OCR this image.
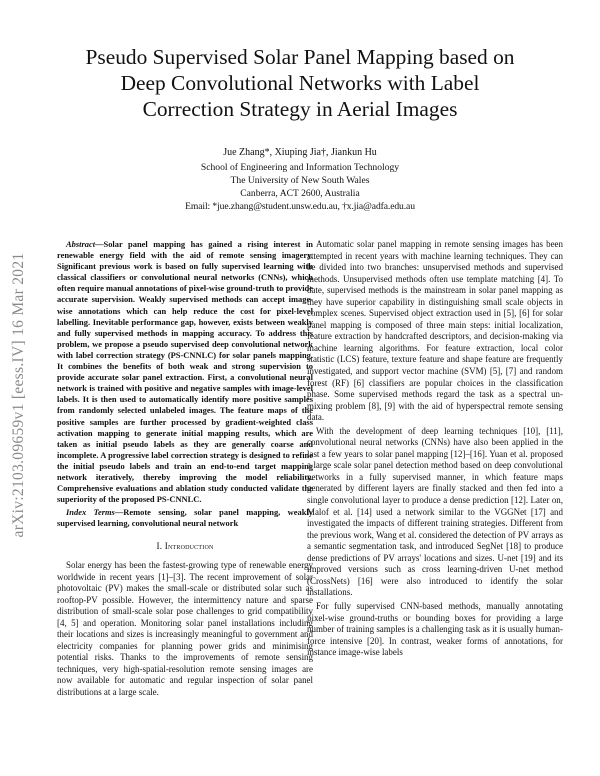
arXiv:2103.09659v1 [eess.IV] 16 Mar 2021
Pseudo Supervised Solar Panel Mapping based on
Deep Convolutional Networks with Label
Correction Strategy in Aerial Images
Jue Zhang*, Xiuping Jia†, Jiankun Hu
School of Engineering and Information Technology
The University of New South Wales
Canberra, ACT 2600, Australia
Email: *jue.zhang@student.unsw.edu.au, †x.jia@adfa.edu.au

Abstract—Solar panel mapping has gained a rising interest in renewable energy field with the aid of remote sensing imagery. Significant previous work is based on fully supervised learning with classical classifiers or convolutional neural networks (CNNs), which often require manual annotations of pixel-wise ground-truth to provide accurate supervision. Weakly supervised methods can accept image-wise annotations which can help reduce the cost for pixel-level labelling. Inevitable performance gap, however, exists between weakly and fully supervised methods in mapping accuracy. To address this problem, we propose a pseudo supervised deep convolutional network with label correction strategy (PS-CNNLC) for solar panels mapping. It combines the benefits of both weak and strong supervision to provide accurate solar panel extraction. First, a convolutional neural network is trained with positive and negative samples with image-level labels. It is then used to automatically identify more positive samples from randomly selected unlabeled images. The feature maps of the positive samples are further processed by gradient-weighted class activation mapping to generate initial mapping results, which are taken as initial pseudo labels as they are generally coarse and incomplete. A progressive label correction strategy is designed to refine the initial pseudo labels and train an end-to-end target mapping network iteratively, thereby improving the model reliability. Comprehensive evaluations and ablation study conducted validate the superiority of the proposed PS-CNNLC.

Index Terms—Remote sensing, solar panel mapping, weakly supervised learning, convolutional neural network

I. Introduction

Solar energy has been the fastest-growing type of renewable energy worldwide in recent years [1]–[3]. The recent improvement of solar photovoltaic (PV) makes the small-scale or distributed solar such as rooftop-PV possible. However, the intermittency nature and sparse distribution of small-scale solar pose challenges to grid compatibility [4, 5] and operation. Monitoring solar panel installations including their locations and sizes is increasingly meaningful to government and electricity companies for planning power grids and minimising potential risks. Thanks to the improvements of remote sensing techniques, very high-spatial-resolution remote sensing images are now available for automatic and regular inspection of solar panel distributions at a large scale.

Automatic solar panel mapping in remote sensing images has been attempted in recent years with machine learning techniques. They can be divided into two branches: unsupervised methods and supervised methods. Unsupervised methods often use template matching [4]. To date, supervised methods is the mainstream in solar panel mapping as they have superior capability in distinguishing small scale objects in complex scenes. Supervised object extraction used in [5], [6] for solar panel mapping is composed of three main steps: initial localization, feature extraction by handcrafted descriptors, and decision-making via machine learning algorithms. For feature extraction, local color statistic (LCS) feature, texture feature and shape feature are frequently investigated, and support vector machine (SVM) [5], [7] and random forest (RF) [6] classifiers are popular choices in the classification phase. Some supervised methods regard the task as a spectral un-mixing problem [8], [9] with the aid of hyperspectral remote sensing data.

With the development of deep learning techniques [10], [11], convolutional neural networks (CNNs) have also been applied in the last a few years to solar panel mapping [12]–[16]. Yuan et al. proposed a large scale solar panel detection method based on deep convolutional networks in a fully supervised manner, in which feature maps generated by different layers are finally stacked and then fed into a single convolutional layer to produce a dense prediction [12]. Later on, Malof et al. [14] used a network similar to the VGGNet [17] and investigated the impacts of different training strategies. Different from the previous work, Wang et al. considered the detection of PV arrays as a semantic segmentation task, and introduced SegNet [18] to produce dense predictions of PV arrays' locations and sizes. U-net [19] and its improved versions such as cross learning-driven U-net method (CrossNets) [16] were also introduced to identify the solar installations.

For fully supervised CNN-based methods, manually annotating pixel-wise ground-truths or bounding boxes for providing a large number of training samples is a challenging task as it is usually human-force intensive [20]. In contrast, weaker forms of annotations, for instance image-wise labels
